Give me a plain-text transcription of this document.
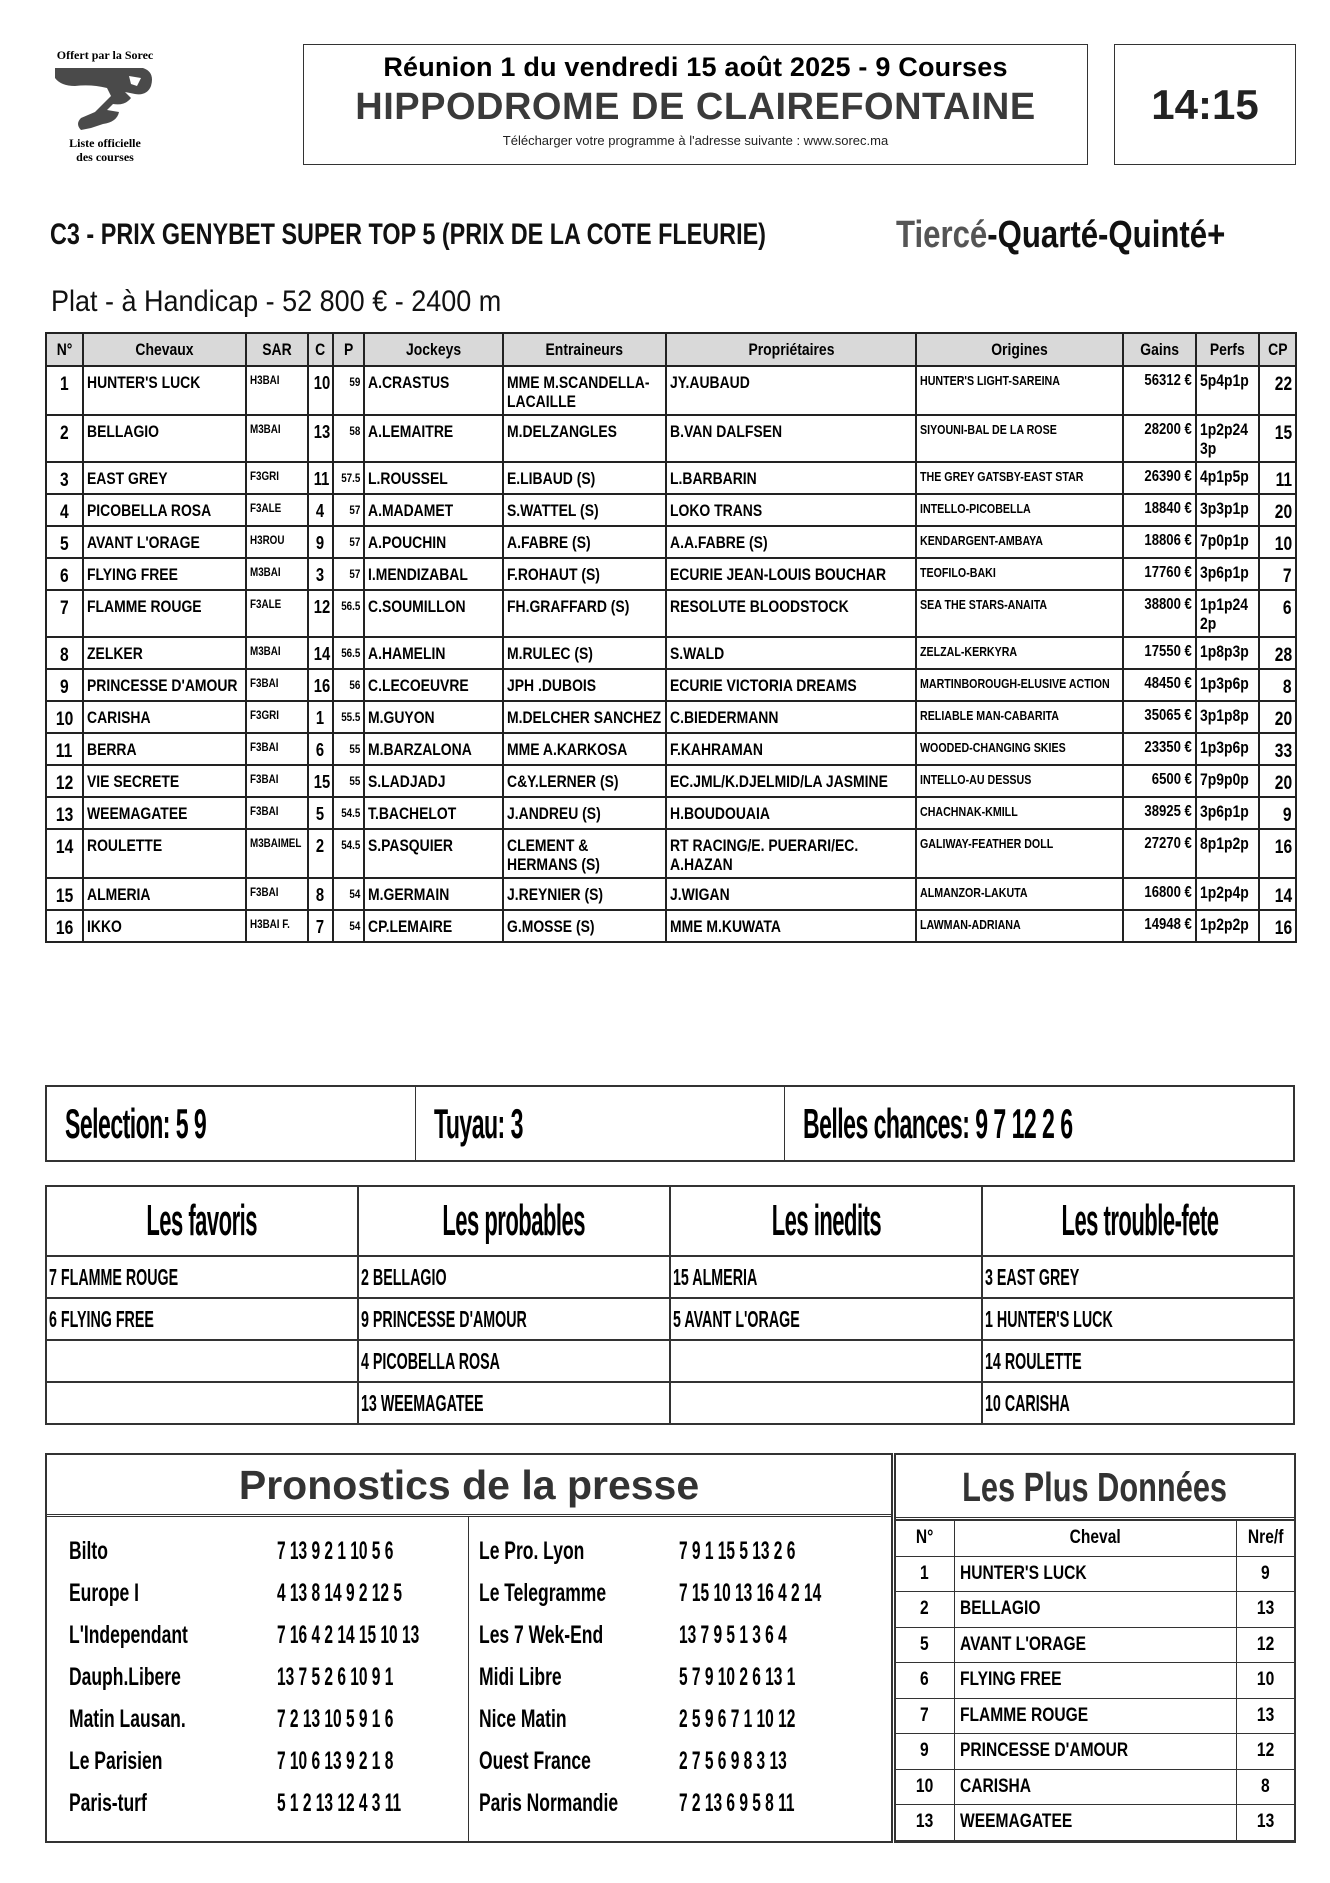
Offert par la Sorec
Liste officielle
des courses
Réunion 1 du vendredi 15 août 2025 - 9 Courses
HIPPODROME DE CLAIREFONTAINE
Télécharger votre programme à l'adresse suivante : www.sorec.ma
14:15
C3 - PRIX GENYBET SUPER TOP 5 (PRIX DE LA COTE FLEURIE)	Tiercé-Quarté-Quinté+
Plat - à Handicap - 52 800 € - 2400 m
N°	Chevaux	SAR	C	P	Jockeys	Entraineurs	Propriétaires	Origines	Gains	Perfs	CP
1	HUNTER'S LUCK	H3BAI	10	59	A.CRASTUS	MME M.SCANDELLA-LACAILLE	JY.AUBAUD	HUNTER'S LIGHT-SAREINA	56312 €	5p4p1p	22
2	BELLAGIO	M3BAI	13	58	A.LEMAITRE	M.DELZANGLES	B.VAN DALFSEN	SIYOUNI-BAL DE LA ROSE	28200 €	1p2p243p	15
3	EAST GREY	F3GRI	11	57.5	L.ROUSSEL	E.LIBAUD (S)	L.BARBARIN	THE GREY GATSBY-EAST STAR	26390 €	4p1p5p	11
4	PICOBELLA ROSA	F3ALE	4	57	A.MADAMET	S.WATTEL (S)	LOKO TRANS	INTELLO-PICOBELLA	18840 €	3p3p1p	20
5	AVANT L'ORAGE	H3ROU	9	57	A.POUCHIN	A.FABRE (S)	A.A.FABRE (S)	KENDARGENT-AMBAYA	18806 €	7p0p1p	10
6	FLYING FREE	M3BAI	3	57	I.MENDIZABAL	F.ROHAUT (S)	ECURIE JEAN-LOUIS BOUCHAR	TEOFILO-BAKI	17760 €	3p6p1p	7
7	FLAMME ROUGE	F3ALE	12	56.5	C.SOUMILLON	FH.GRAFFARD (S)	RESOLUTE BLOODSTOCK	SEA THE STARS-ANAITA	38800 €	1p1p242p	6
8	ZELKER	M3BAI	14	56.5	A.HAMELIN	M.RULEC (S)	S.WALD	ZELZAL-KERKYRA	17550 €	1p8p3p	28
9	PRINCESSE D'AMOUR	F3BAI	16	56	C.LECOEUVRE	JPH .DUBOIS	ECURIE VICTORIA DREAMS	MARTINBOROUGH-ELUSIVE ACTION	48450 €	1p3p6p	8
10	CARISHA	F3GRI	1	55.5	M.GUYON	M.DELCHER SANCHEZ	C.BIEDERMANN	RELIABLE MAN-CABARITA	35065 €	3p1p8p	20
11	BERRA	F3BAI	6	55	M.BARZALONA	MME A.KARKOSA	F.KAHRAMAN	WOODED-CHANGING SKIES	23350 €	1p3p6p	33
12	VIE SECRETE	F3BAI	15	55	S.LADJADJ	C&Y.LERNER (S)	EC.JML/K.DJELMID/LA JASMINE	INTELLO-AU DESSUS	6500 €	7p9p0p	20
13	WEEMAGATEE	F3BAI	5	54.5	T.BACHELOT	J.ANDREU (S)	H.BOUDOUAIA	CHACHNAK-KMILL	38925 €	3p6p1p	9
14	ROULETTE	M3BAIMEL	2	54.5	S.PASQUIER	CLEMENT & HERMANS (S)	RT RACING/E. PUERARI/EC. A.HAZAN	GALIWAY-FEATHER DOLL	27270 €	8p1p2p	16
15	ALMERIA	F3BAI	8	54	M.GERMAIN	J.REYNIER (S)	J.WIGAN	ALMANZOR-LAKUTA	16800 €	1p2p4p	14
16	IKKO	H3BAI F.	7	54	CP.LEMAIRE	G.MOSSE (S)	MME M.KUWATA	LAWMAN-ADRIANA	14948 €	1p2p2p	16
Selection: 5 9	Tuyau: 3	Belles chances: 9 7 12 2 6
Les favoris	Les probables	Les inedits	Les trouble-fete
7 FLAMME ROUGE	2 BELLAGIO	15 ALMERIA	3 EAST GREY
6 FLYING FREE	9 PRINCESSE D'AMOUR	5 AVANT L'ORAGE	1 HUNTER'S LUCK
	4 PICOBELLA ROSA		14 ROULETTE
	13 WEEMAGATEE		10 CARISHA
Pronostics de la presse
Bilto	7 13 9 2 1 10 5 6
Europe I	4 13 8 14 9 2 12 5
L'Independant	7 16 4 2 14 15 10 13
Dauph.Libere	13 7 5 2 6 10 9 1
Matin Lausan.	7 2 13 10 5 9 1 6
Le Parisien	7 10 6 13 9 2 1 8
Paris-turf	5 1 2 13 12 4 3 11
Le Pro. Lyon	7 9 1 15 5 13 2 6
Le Telegramme	7 15 10 13 16 4 2 14
Les 7 Wek-End	13 7 9 5 1 3 6 4
Midi Libre	5 7 9 10 2 6 13 1
Nice Matin	2 5 9 6 7 1 10 12
Ouest France	2 7 5 6 9 8 3 13
Paris Normandie 7 2 13 6 9 5 8 11
Les Plus Données
N°	Cheval	Nre/f
1	HUNTER'S LUCK	9
2	BELLAGIO	13
5	AVANT L'ORAGE	12
6	FLYING FREE	10
7	FLAMME ROUGE	13
9	PRINCESSE D'AMOUR	12
10	CARISHA	8
13	WEEMAGATEE	13
